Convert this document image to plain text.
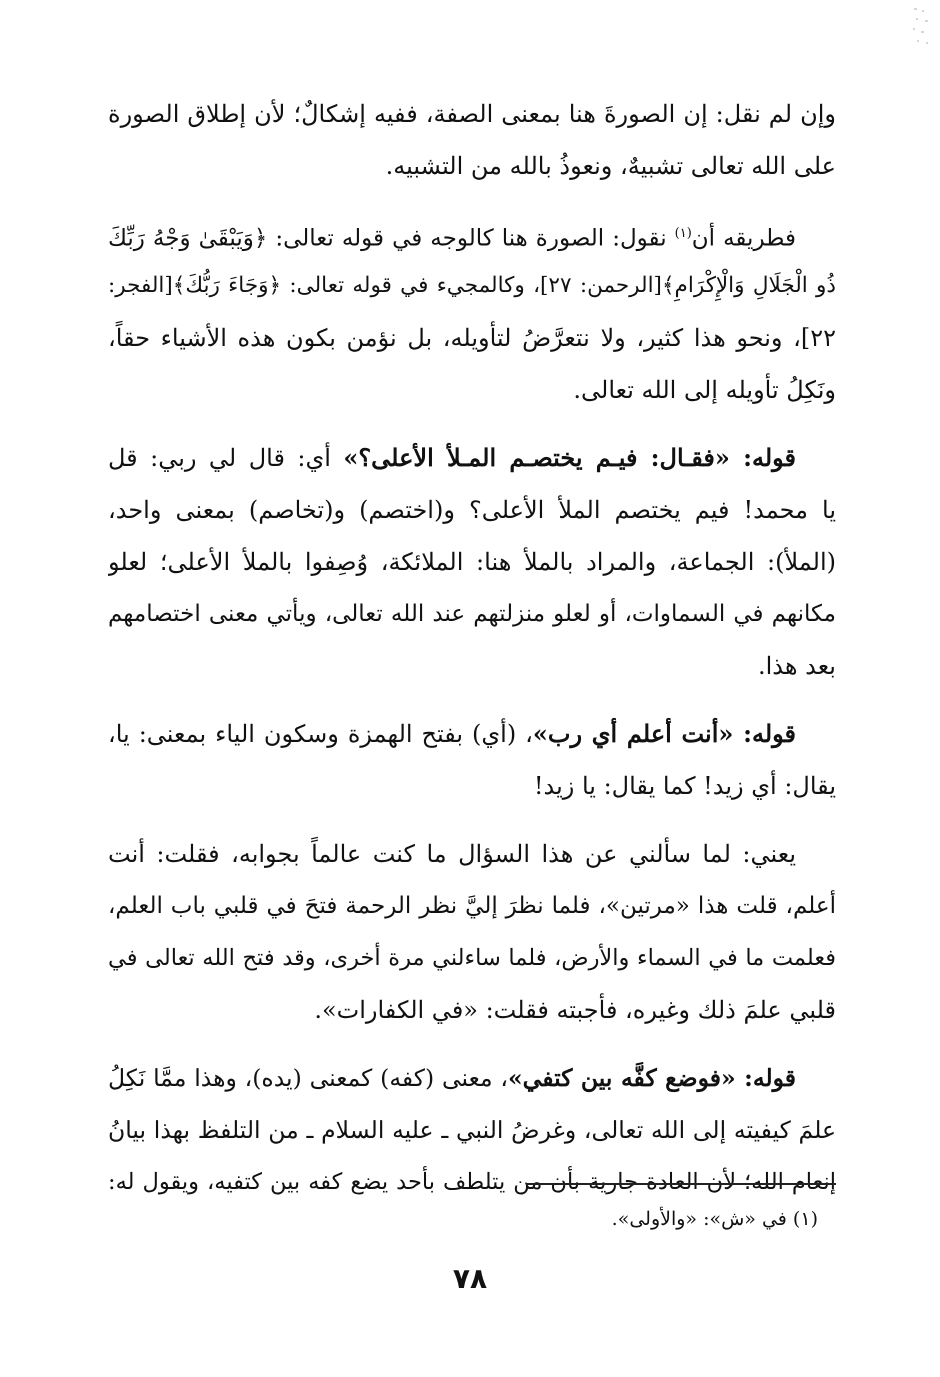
وإن لم نقل: إن الصورةَ هنا بمعنى الصفة، ففيه إشكالٌ؛ لأن إطلاق الصورة
على الله تعالى تشبيهٌ، ونعوذُ بالله من التشبيه.
فطريقه أن$^{(١)}$ نقول: الصورة هنا كالوجه في قوله تعالى: ﴿وَيَبْقَىٰ وَجْهُ رَبِّكَ
ذُو الْجَلَالِ وَالْإِكْرَامِ﴾[الرحمن: ٢٧]، وكالمجيء في قوله تعالى: ﴿وَجَاءَ رَبُّكَ﴾[الفجر:
٢٢]، ونحو هذا كثير، ولا نتعرَّضُ لتأويله، بل نؤمن بكون هذه الأشياء حقاً،
ونَكِلُ تأويله إلى الله تعالى.
قوله: «فقـال: فيـم يختصـم المـلأ الأعلى؟» أي: قال لي ربي: قل
يا محمد! فيم يختصم الملأ الأعلى؟ و(اختصم) و(تخاصم) بمعنى واحد،
(الملأ): الجماعة، والمراد بالملأ هنا: الملائكة، وُصِفوا بالملأ الأعلى؛ لعلو
مكانهم في السماوات، أو لعلو منزلتهم عند الله تعالى، ويأتي معنى اختصامهم
بعد هذا.
قوله: «أنت أعلم أي رب»، (أي) بفتح الهمزة وسكون الياء بمعنى: يا،
يقال: أي زيد! كما يقال: يا زيد!
يعني: لما سألني عن هذا السؤال ما كنت عالماً بجوابه، فقلت: أنت
أعلم، قلت هذا «مرتين»، فلما نظرَ إليَّ نظر الرحمة فتحَ في قلبي باب العلم،
فعلمت ما في السماء والأرض، فلما ساءلني مرة أخرى، وقد فتح الله تعالى في
قلبي علمَ ذلك وغيره، فأجبته فقلت: «في الكفارات».
قوله: «فوضع كفَّه بين كتفي»، معنى (كفه) كمعنى (يده)، وهذا ممَّا نَكِلُ
علمَ كيفيته إلى الله تعالى، وغرضُ النبي ـ عليه السلام ـ من التلفظ بهذا بيانُ
إنعام الله؛ لأن العادة جارية بأن من يتلطف بأحد يضع كفه بين كتفيه، ويقول له:
(١) في «ش»: «والأولى».
٧٨
